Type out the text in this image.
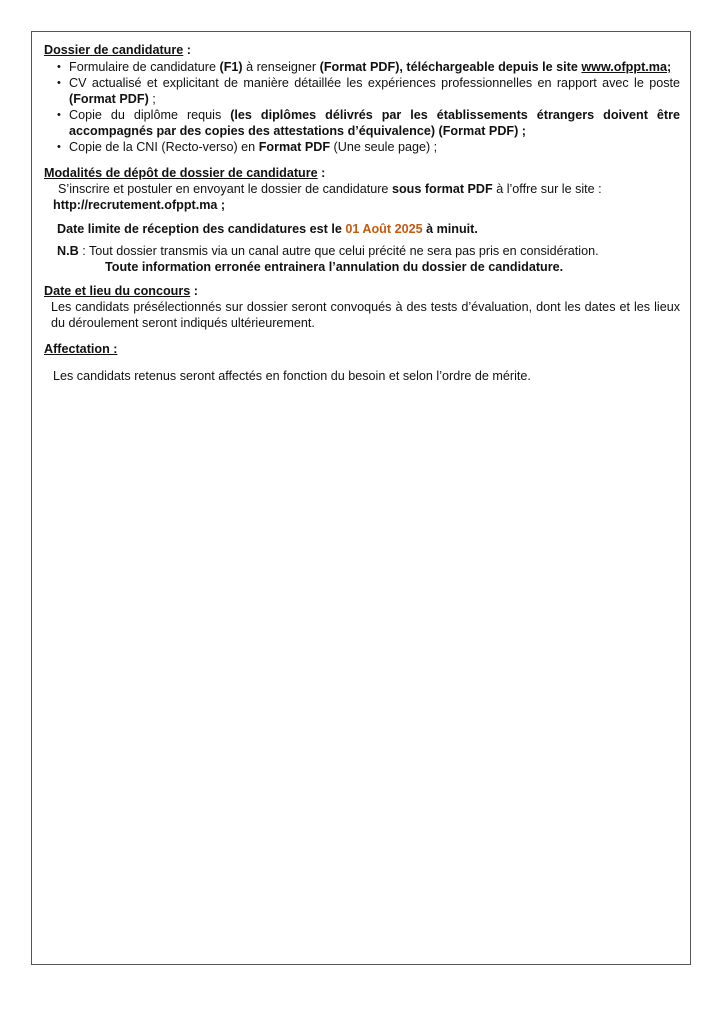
Dossier de candidature :
• Formulaire de candidature (F1) à renseigner (Format PDF), téléchargeable depuis le site www.ofppt.ma;
• CV actualisé et explicitant de manière détaillée les expériences professionnelles en rapport avec le poste (Format PDF) ;
• Copie du diplôme requis (les diplômes délivrés par les établissements étrangers doivent être accompagnés par des copies des attestations d’équivalence) (Format PDF) ;
• Copie de la CNI (Recto-verso) en Format PDF (Une seule page) ;
Modalités de dépôt de dossier de candidature :
S’inscrire et postuler en envoyant le dossier de candidature sous format PDF à l’offre sur le site :
http://recrutement.ofppt.ma ;
Date limite de réception des candidatures est le 01 Août 2025 à minuit.
N.B : Tout dossier transmis via un canal autre que celui précité ne sera pas pris en considération.
Toute information erronée entrainera l’annulation du dossier de candidature.
Date et lieu du concours :
Les candidats présélectionnés sur dossier seront convoqués à des tests d’évaluation, dont les dates et les lieux du déroulement seront indiqués ultérieurement.
Affectation :
Les candidats retenus seront affectés en fonction du besoin et selon l’ordre de mérite.
